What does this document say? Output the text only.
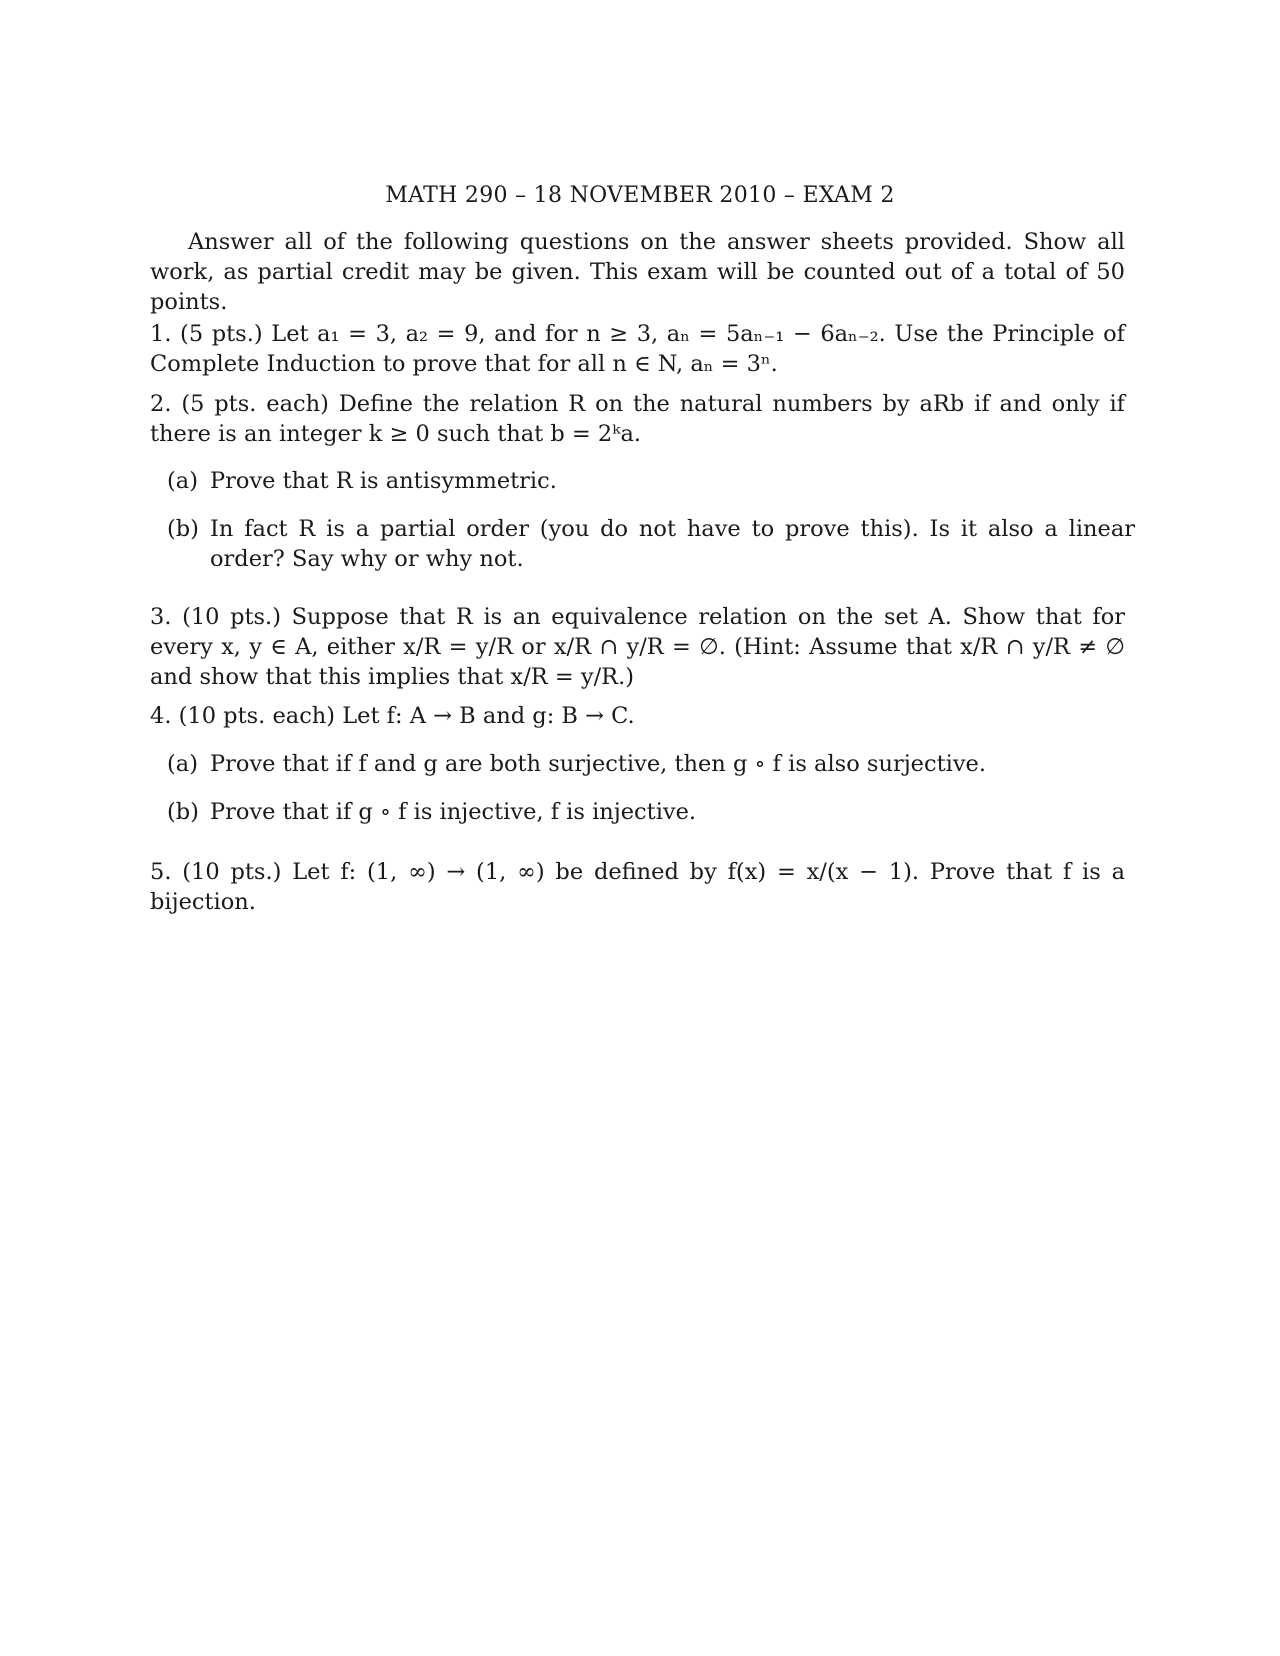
MATH 290 – 18 NOVEMBER 2010 – EXAM 2
Answer all of the following questions on the answer sheets provided. Show all work, as partial credit may be given. This exam will be counted out of a total of 50 points.
1. (5 pts.) Let a₁ = 3, a₂ = 9, and for n ≥ 3, aₙ = 5aₙ₋₁ − 6aₙ₋₂. Use the Principle of Complete Induction to prove that for all n ∈ N, aₙ = 3ⁿ.
2. (5 pts. each) Define the relation R on the natural numbers by aRb if and only if there is an integer k ≥ 0 such that b = 2ᵏa.
(a) Prove that R is antisymmetric.
(b) In fact R is a partial order (you do not have to prove this). Is it also a linear order? Say why or why not.
3. (10 pts.) Suppose that R is an equivalence relation on the set A. Show that for every x, y ∈ A, either x/R = y/R or x/R ∩ y/R = ∅. (Hint: Assume that x/R ∩ y/R ≠ ∅ and show that this implies that x/R = y/R.)
4. (10 pts. each) Let f: A → B and g: B → C.
(a) Prove that if f and g are both surjective, then g ∘ f is also surjective.
(b) Prove that if g ∘ f is injective, f is injective.
5. (10 pts.) Let f: (1, ∞) → (1, ∞) be defined by f(x) = x/(x − 1). Prove that f is a bijection.
